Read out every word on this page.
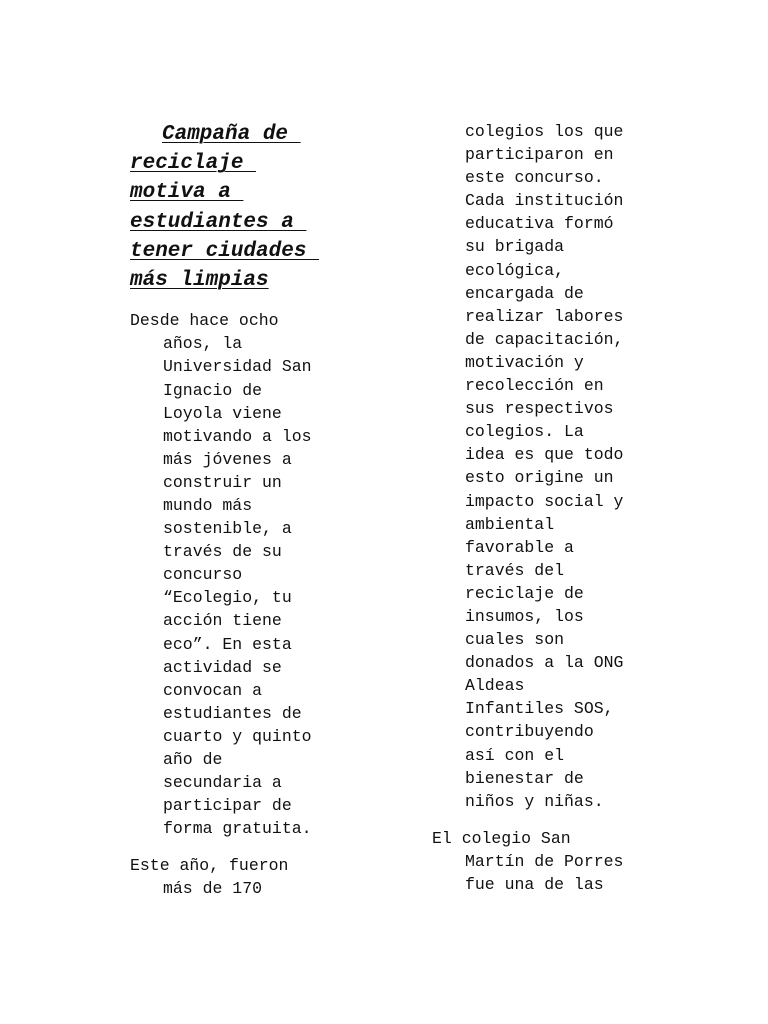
Campaña de
reciclaje
motiva a
estudiantes a
tener ciudades
más limpias

Desde hace ocho
años, la
Universidad San
Ignacio de
Loyola viene
motivando a los
más jóvenes a
construir un
mundo más
sostenible, a
través de su
concurso
“Ecolegio, tu
acción tiene
eco”. En esta
actividad se
convocan a
estudiantes de
cuarto y quinto
año de
secundaria a
participar de
forma gratuita.

Este año, fueron
más de 170

colegios los que
participaron en
este concurso.
Cada institución
educativa formó
su brigada
ecológica,
encargada de
realizar labores
de capacitación,
motivación y
recolección en
sus respectivos
colegios. La
idea es que todo
esto origine un
impacto social y
ambiental
favorable a
través del
reciclaje de
insumos, los
cuales son
donados a la ONG
Aldeas
Infantiles SOS,
contribuyendo
así con el
bienestar de
niños y niñas.

El colegio San
Martín de Porres
fue una de las
